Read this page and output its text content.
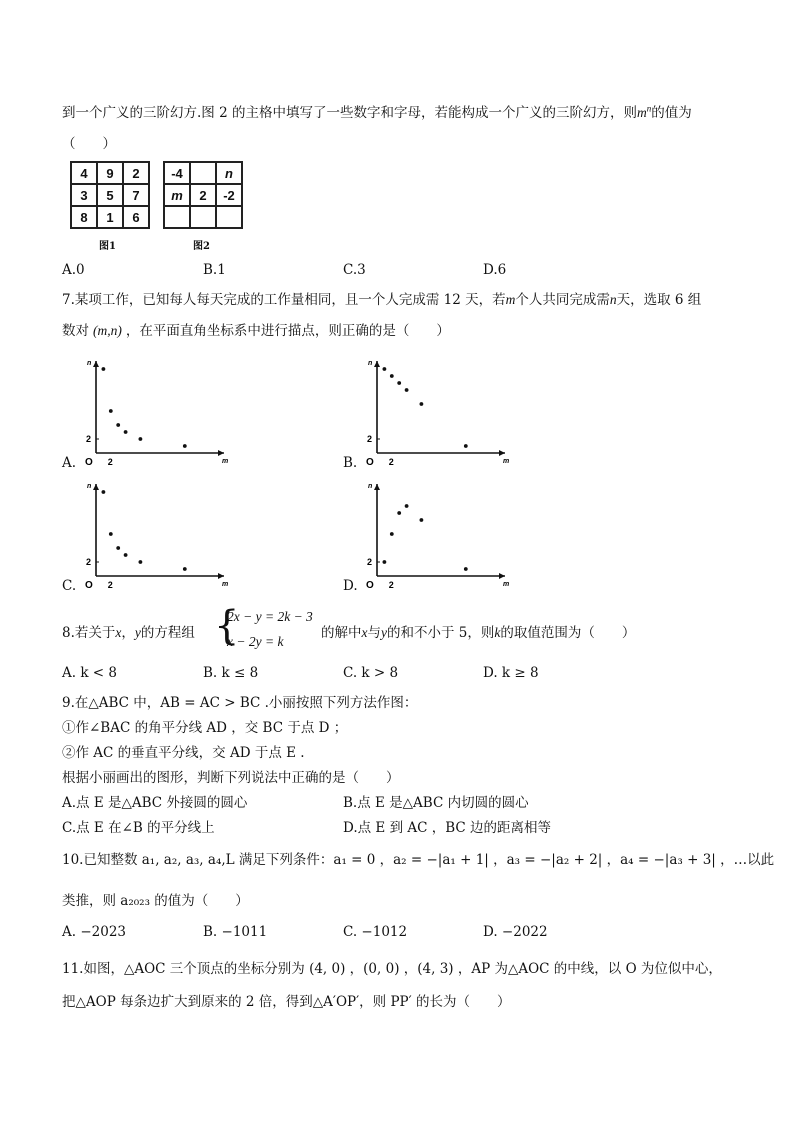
到一个广义的三阶幻方.图 2 的主格中填写了一些数字和字母，若能构成一个广义的三阶幻方，则$m^n$的值为
（　　）
4	9	2
3	5	7
8	1	6
图1
-4		n
m	2	-2

图2
A.0	B.1	C.3	D.6
7.某项工作，已知每人每天完成的工作量相同，且一个人完成需 12 天，若m个人共同完成需n天，选取 6 组
数对 (m,n) ，在平面直角坐标系中进行描点，则正确的是（　　）
A. O 2
2
n
m	B. O 2
2
n
m
C. O 2
2
n
m	D. O 2
2
n
m
8.若关于x，y的方程组 {
2x − y = 2k − 3
x − 2y = k
的解中x与y的和不小于 5，则k的取值范围为（　　）
A. k < 8	B. k ≤ 8	C. k > 8	D. k ≥ 8
9.在△ABC 中，AB = AC > BC .小丽按照下列方法作图：
①作∠BAC 的角平分线 AD ，交 BC 于点 D ；
②作 AC 的垂直平分线，交 AD 于点 E .
根据小丽画出的图形，判断下列说法中正确的是（　　）
A.点 E 是△ABC 外接圆的圆心	B.点 E 是△ABC 内切圆的圆心
C.点 E 在∠B 的平分线上	D.点 E 到 AC ，BC 边的距离相等
10.已知整数 a₁, a₂, a₃, a₄,L 满足下列条件：a₁ = 0 ，a₂ = −|a₁ + 1| ，a₃ = −|a₂ + 2| ，a₄ = −|a₃ + 3| ，…以此
类推，则 a₂₀₂₃ 的值为（　　）
A. −2023	B. −1011	C. −1012	D. −2022
11.如图，△AOC 三个顶点的坐标分别为 (4, 0) ，(0, 0) ，(4, 3) ，AP 为△AOC 的中线，以 O 为位似中心，
把△AOP 每条边扩大到原来的 2 倍，得到△A′OP′，则 PP′ 的长为（　　）
